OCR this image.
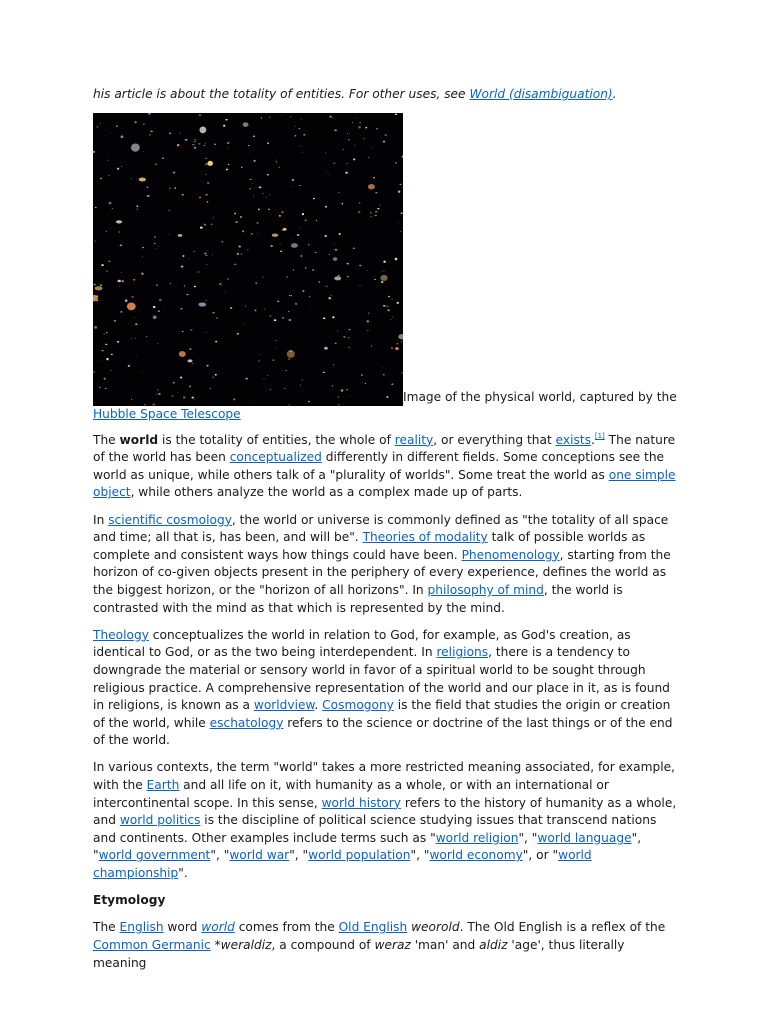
his article is about the totality of entities. For other uses, see World (disambiguation).

Image of the physical world, captured by the Hubble Space Telescope

The world is the totality of entities, the whole of reality, or everything that exists.[1] The nature of the world has been conceptualized differently in different fields. Some conceptions see the world as unique, while others talk of a "plurality of worlds". Some treat the world as one simple object, while others analyze the world as a complex made up of parts.

In scientific cosmology, the world or universe is commonly defined as "the totality of all space and time; all that is, has been, and will be". Theories of modality talk of possible worlds as complete and consistent ways how things could have been. Phenomenology, starting from the horizon of co-given objects present in the periphery of every experience, defines the world as the biggest horizon, or the "horizon of all horizons". In philosophy of mind, the world is contrasted with the mind as that which is represented by the mind.

Theology conceptualizes the world in relation to God, for example, as God's creation, as identical to God, or as the two being interdependent. In religions, there is a tendency to downgrade the material or sensory world in favor of a spiritual world to be sought through religious practice. A comprehensive representation of the world and our place in it, as is found in religions, is known as a worldview. Cosmogony is the field that studies the origin or creation of the world, while eschatology refers to the science or doctrine of the last things or of the end of the world.

In various contexts, the term "world" takes a more restricted meaning associated, for example, with the Earth and all life on it, with humanity as a whole, or with an international or intercontinental scope. In this sense, world history refers to the history of humanity as a whole, and world politics is the discipline of political science studying issues that transcend nations and continents. Other examples include terms such as "world religion", "world language", "world government", "world war", "world population", "world economy", or "world championship".

Etymology

The English word world comes from the Old English weorold. The Old English is a reflex of the Common Germanic *weraldiz, a compound of weraz 'man' and aldiz 'age', thus literally meaning
